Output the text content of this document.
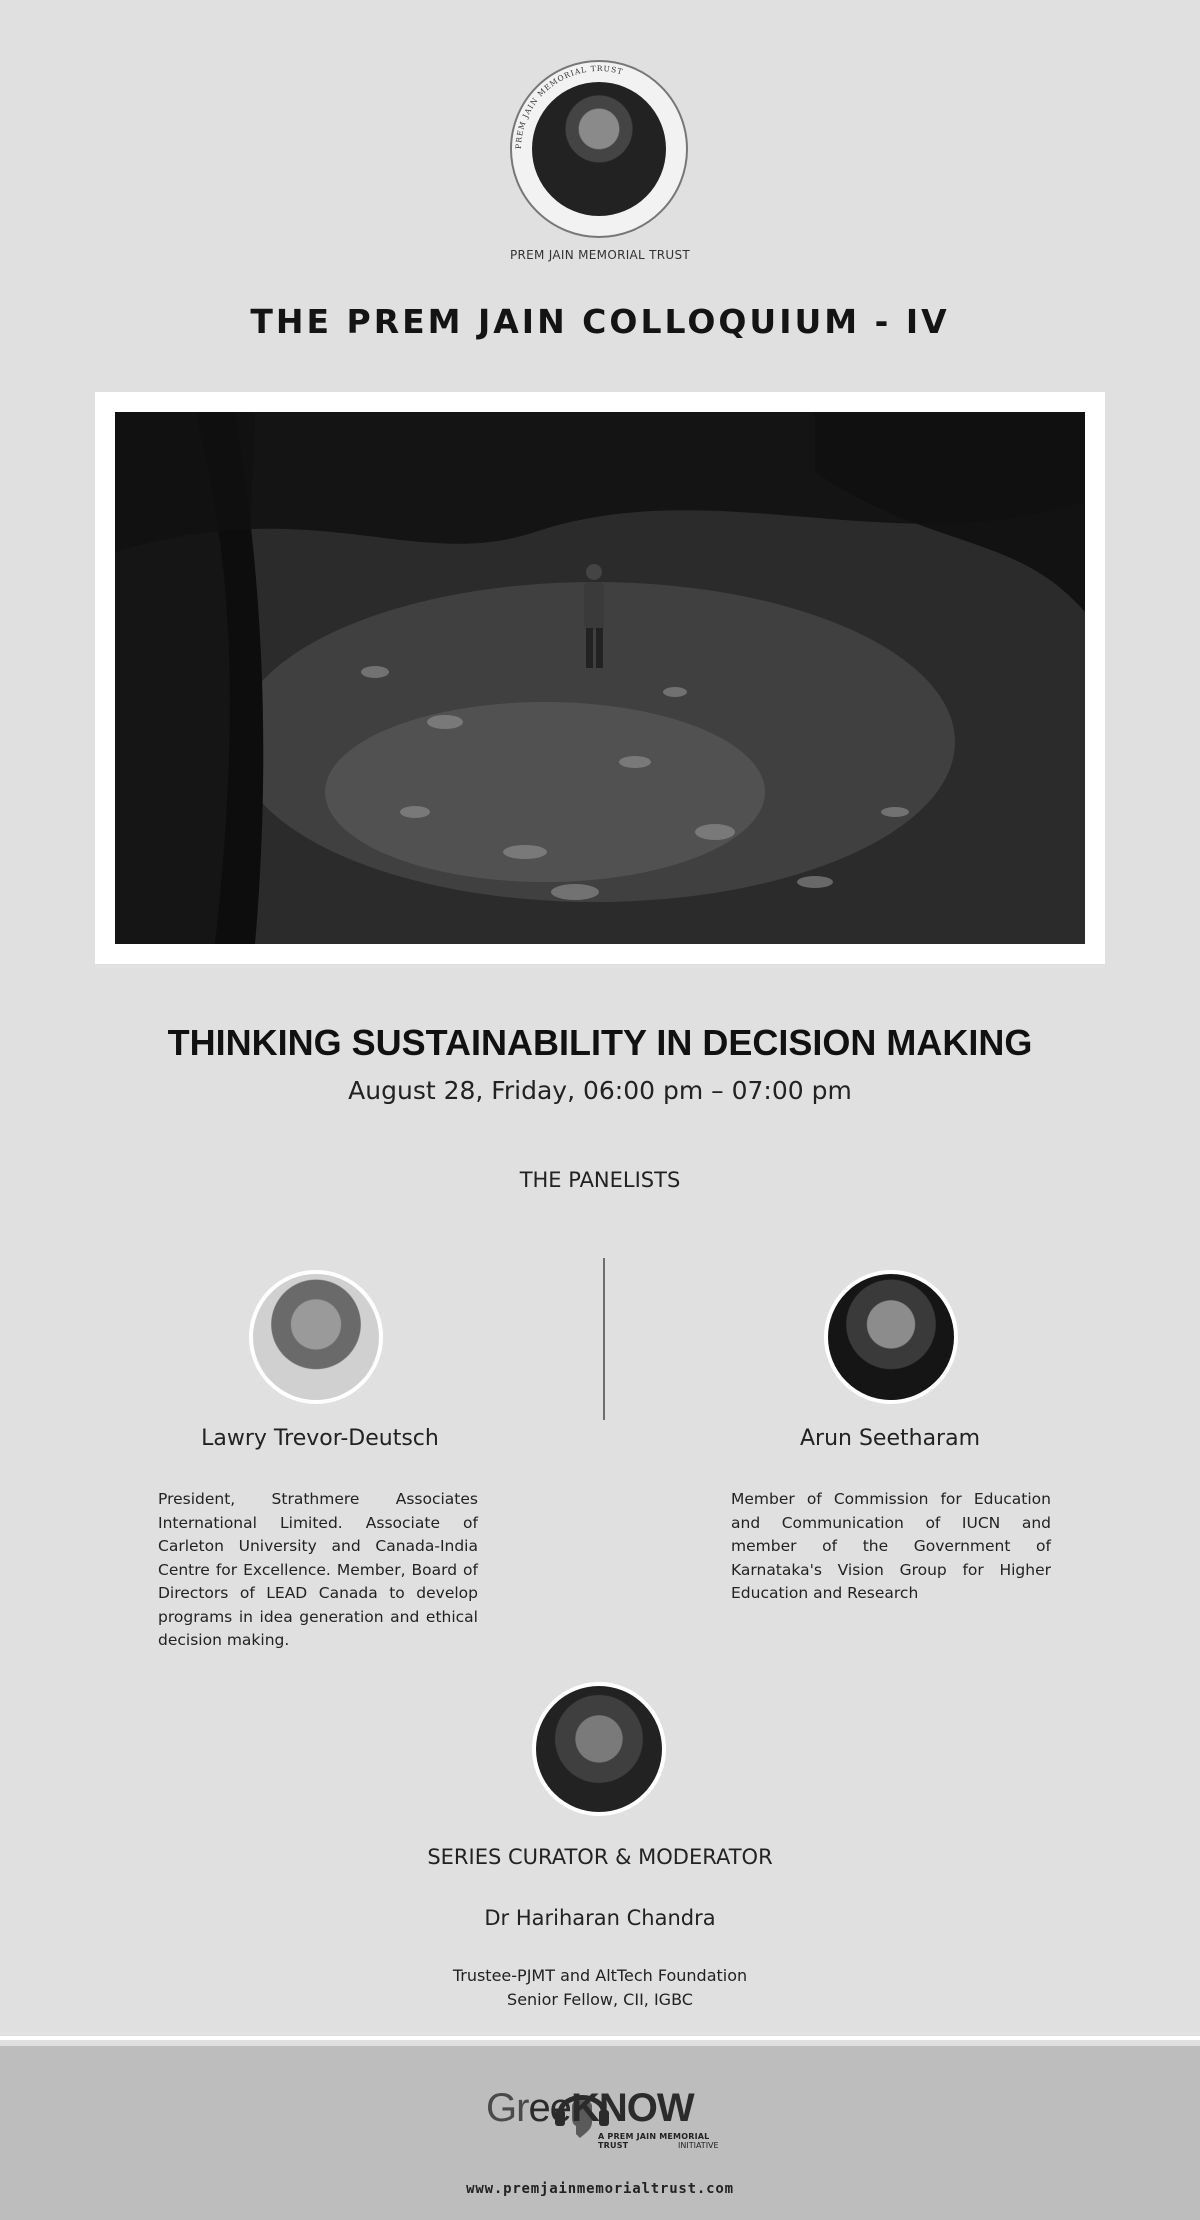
PREM JAIN MEMORIAL TRUST
PREM JAIN MEMORIAL TRUST
THE PREM JAIN COLLOQUIUM - IV
THINKING SUSTAINABILITY IN DECISION MAKING
August 28, Friday, 06:00 pm – 07:00 pm
THE PANELISTS
Lawry Trevor-Deutsch
President, Strathmere Associates International Limited. Associate of Carleton University and Canada-India Centre for Excellence. Member, Board of Directors of LEAD Canada to develop programs in idea generation and ethical decision making.
Arun Seetharam
Member of Commission for Education and Communication of IUCN and member of the Government of Karnataka's Vision Group for Higher Education and Research
SERIES CURATOR & MODERATOR
Dr Hariharan Chandra
Trustee-PJMT and AltTech Foundation
Senior Fellow, CII, IGBC
GreeKNOW
A PREM JAIN MEMORIAL TRUST	INITIATIVE
www.premjainmemorialtrust.com
